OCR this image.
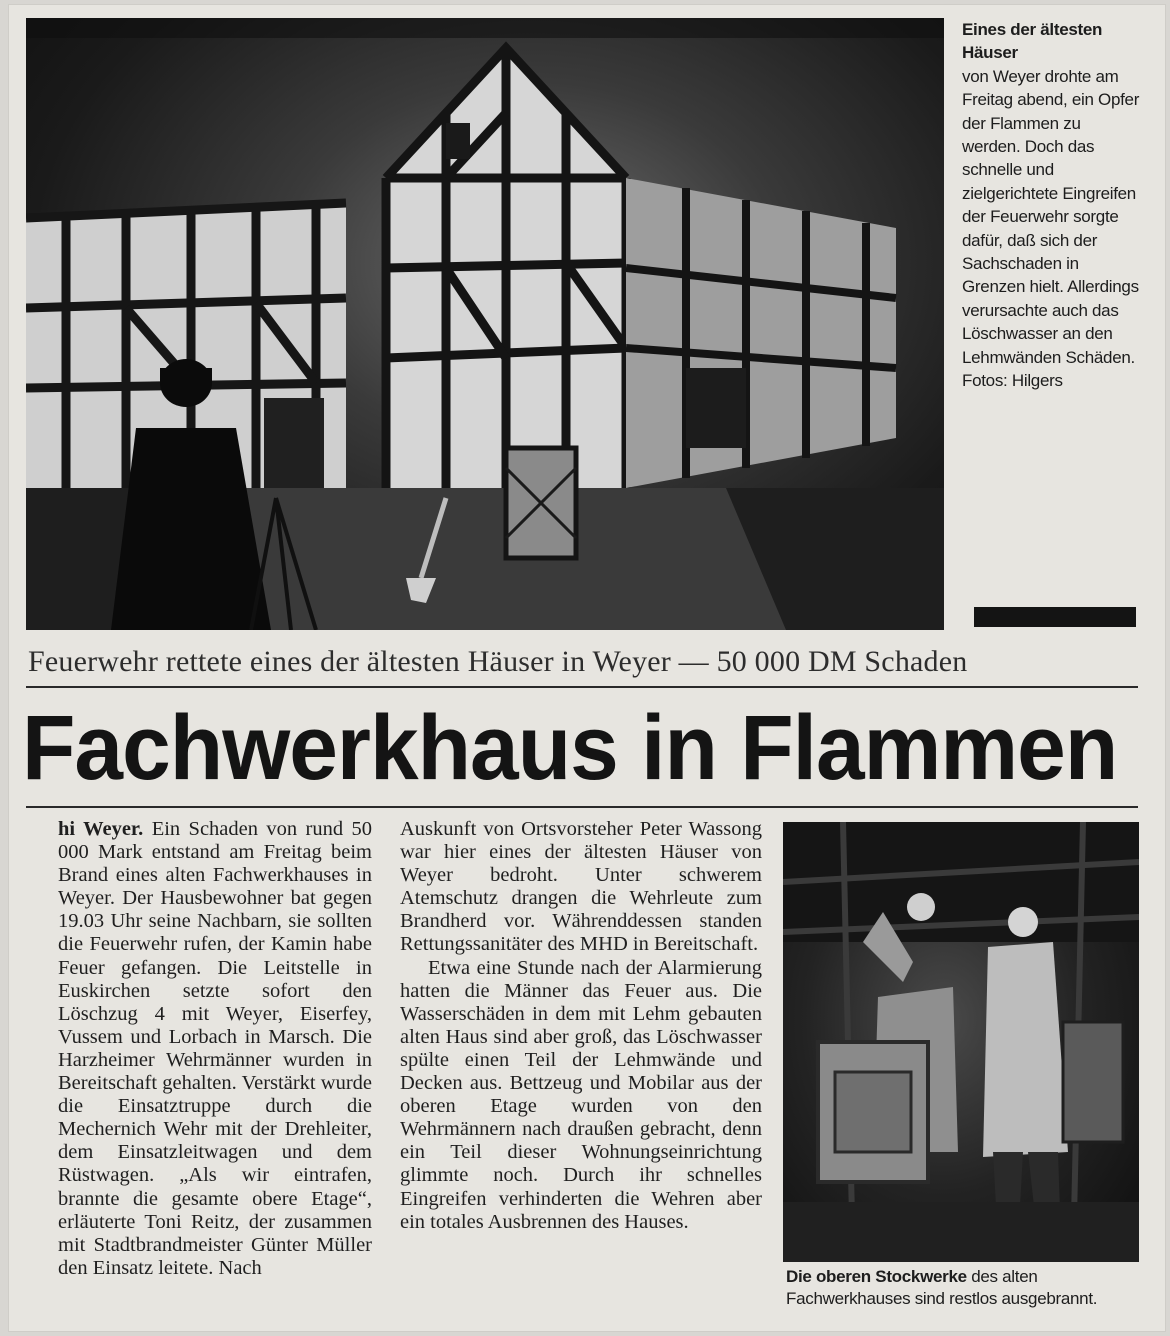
Eines der ältesten Häuser
von Weyer drohte am Freitag abend, ein Opfer der Flammen zu werden. Doch das schnelle und zielgerichtete Eingreifen der Feuerwehr sorgte dafür, daß sich der Sachschaden in Grenzen hielt. Allerdings verursachte auch das Löschwasser an den Lehmwänden Schäden.
Fotos: Hilgers
Feuerwehr rettete eines der ältesten Häuser in Weyer — 50 000 DM Schaden
Fachwerkhaus in Flammen

hi Weyer. Ein Schaden von rund 50 000 Mark entstand am Freitag beim Brand eines alten Fachwerkhauses in Weyer. Der Hausbewohner bat gegen 19.03 Uhr seine Nachbarn, sie sollten die Feuerwehr rufen, der Kamin habe Feuer gefangen. Die Leitstelle in Euskirchen setzte sofort den Löschzug 4 mit Weyer, Eiserfey, Vussem und Lorbach in Marsch. Die Harzheimer Wehrmänner wurden in Bereitschaft gehalten. Verstärkt wurde die Einsatztruppe durch die Mechernich Wehr mit der Drehleiter, dem Einsatzleitwagen und dem Rüstwagen. „Als wir eintrafen, brannte die gesamte obere Etage“, erläuterte Toni Reitz, der zusammen mit Stadtbrandmeister Günter Müller den Einsatz leitete. Nach

Auskunft von Ortsvorsteher Peter Wassong war hier eines der ältesten Häuser von Weyer bedroht. Unter schwerem Atemschutz drangen die Wehrleute zum Brandherd vor. Währenddessen standen Rettungssanitäter des MHD in Bereitschaft.

Etwa eine Stunde nach der Alarmierung hatten die Männer das Feuer aus. Die Wasserschäden in dem mit Lehm gebauten alten Haus sind aber groß, das Löschwasser spülte einen Teil der Lehmwände und Decken aus. Bettzeug und Mobilar aus der oberen Etage wurden von den Wehrmännern nach draußen gebracht, denn ein Teil dieser Wohnungseinrichtung glimmte noch. Durch ihr schnelles Eingreifen verhinderten die Wehren aber ein totales Ausbrennen des Hauses.

Die oberen Stockwerke des alten Fachwerkhauses sind restlos ausgebrannt.
